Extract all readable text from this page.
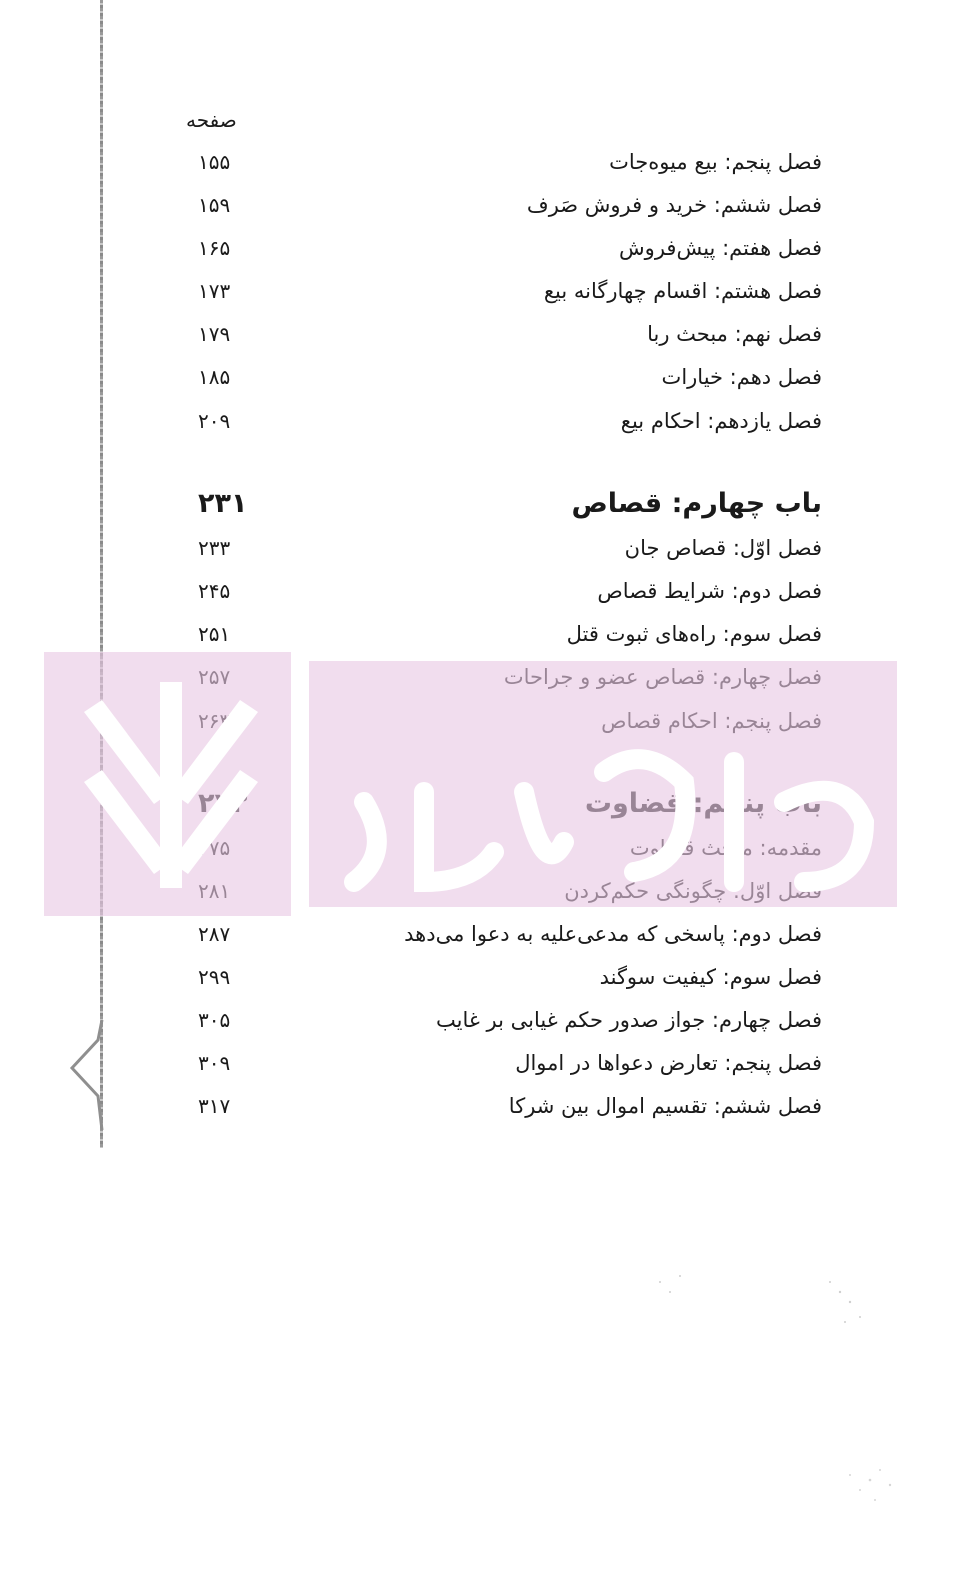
صفحه
فصل پنجم: بیع میوه‌جات
۱۵۵
فصل ششم: خرید و فروش صَرف
۱۵۹
فصل هفتم: پیش‌فروش
۱۶۵
فصل هشتم: اقسام چهارگانه بیع
۱۷۳
فصل نهم: مبحث ربا
۱۷۹
فصل دهم: خیارات
۱۸۵
فصل یازدهم: احکام بیع
۲۰۹
باب چهارم: قصاص
۲۳۱
فصل اوّل: قصاص جان
۲۳۳
فصل دوم: شرایط قصاص
۲۴۵
فصل سوم: راه‌های ثبوت قتل
۲۵۱
فصل دوم: پاسخی که مدعی‌علیه به دعوا می‌دهد
۲۸۷
فصل سوم: کیفیت سوگند
۲۹۹
فصل چهارم: جواز صدور حکم غیابی بر غایب
۳۰۵
فصل پنجم: تعارض دعواها در اموال
۳۰۹
فصل ششم: تقسیم اموال بین شرکا
۳۱۷
